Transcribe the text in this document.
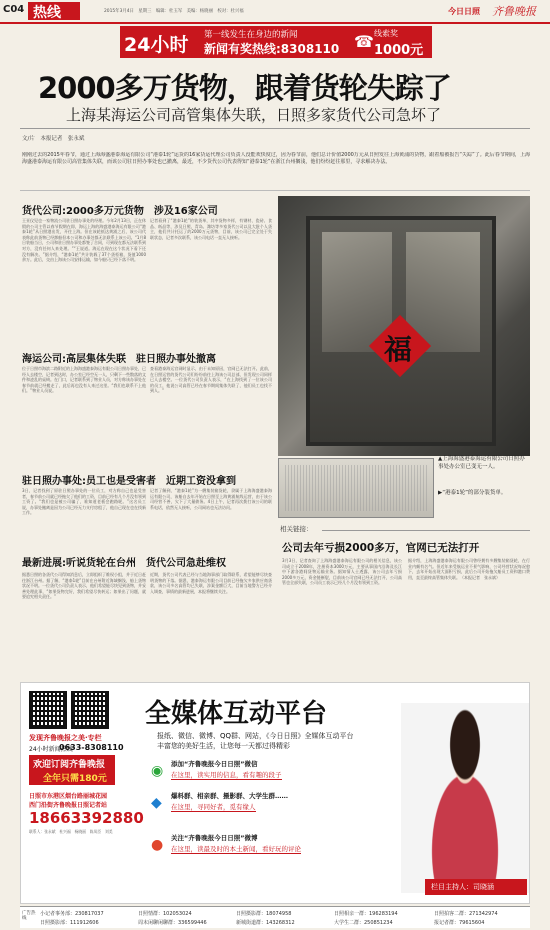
C04 热线	2015年3月4日　星期三　编辑：杜玉军　美编：杨晓丽　校对：杜兴福	今日日照 齐鲁晚报
24小时 第一线发生在身边的新闻
新闻有奖热线:8308110 ☎ 线索奖
1000元
2000多万货物，跟着货轮失踪了
上海某海运公司高管集体失联，日照多家货代公司急坏了
文/片　本报记者　张永斌

刚刚过去的2015年春节，通过上海海盛港泰海运有限公司“港泰1轮”运货的16家货运代理公司负责人没能欢快度过，因为春节前，他们总计价值2000万元从日照发往上海黄浦的货物，跟着船被报告“失踪”了。此后春节期间，上海海盛港泰海运有限公司高管集体失联，而该公司驻日照办事处也已撤离，最近，不少货代公司代表得知“港泰1轮”在浙江台州搁浅，他们纷纷赶往那里，寻求解决办法。

货代公司:2000多万元货物　涉及16家公司

王亚仪见也一家物流公司驻日照办事处的经理。今年2月13日，正在休假的公司主管以春节假期在即，海运上海的海盛港泰海运有限公司“港泰1轮”从日照港出发，开往上海。但在该轮抵达黄浦之后，该公司代表称此前货物已经卸船但本公司和办事处都无法联系上该公司。“1月8日装船当日，公司和驻日照办事处都签了合同，可到现在都无法联系到对方，没有任何人来处理。”“王说道。海运在现在这个状况下看下还没有解决。”据介绍，“港泰1轮”共计装载了37个货柜箱，货值1000余万。此后，交由上海该公司安排运输，如今船只已经下落不明。

记者看到了“港泰1轮”的装货单，其中货物多样，有钢材、瓷砖、食品、纸品等，涉及日照、青岛、潍坊等多家货代公司以及大批个人货主，他们共计托运了约2000万元货物，目前，该公司已完全处于失联状态，记者多次联系，该公司电话一直无人接听。

海运公司:高层集体失联　驻日照办事处撤离

位于日照市海滨二路附近的上海海盛港泰海运有限公司日照办事处，已经人去楼空，记者到达时，办公室已经空无一人，只剩下一些散落的文件和凌乱的桌椅。在门口，记者联系到了物业人员，对方称该办事处在春节前就已经搬走了，此后再也没有人来过这里。“我们也联系不上他们。”物业人员说。

查看港泰海运官网时显示，由于未知原因，官网已无法打开。此前，在日照运营的货代公司们纷纷前往上海该公司总部，但发现公司同样已人去楼空。一位货代公司负责人表示，“在上海找到了一位该公司的员工，他说公司高管已经在春节期间集体失联了，他们员工也找不到人。”

驻日照办事处:员工也是受害者　近期工资没拿到

3日，记者找到了原驻日照办事处的一位员工，对方称自己也是受害者，春节前公司就已经拖欠了他们的工资，目前已经有几个月没有领到工资了。“我们也是被公司骗了，谁知道老板会跑路呢。”这名员工说，办事处撤离是因为公司已经无力支付房租了，他自己现在也在找新工作。

记者了解到，“港泰1轮”为一艘集装箱货轮，隶属于上海海盛港泰海运有限公司，该船自去年开始在日照至上海黄浦航线运营，由于该公司经营不善，欠下了大量债务。4日上午，记者再次拨打该公司的联系电话，依然无人接听，公司网站也无法访问。

最新进展:听说货轮在台州　货代公司急赴维权

据悉日照的各货代公司得知消息后，立即组织了维权小组，并于近日赶往浙江台州。据了解，“港泰1轮”目前在台州附近海域搁浅，船上货物状况不明。一位货代公司负责人表示，他们希望能尽快见到货物，并妥善处理此事，“如果货物完好，我们希望尽快转运；如果出了问题，就要追究相关责任。”

近期，货代公司代表已经与当地海事部门取得联系，希望能够尽快查明货物的下落。据悉，港泰海运有限公司目前已经拖欠多家供应商货款，该公司多名高管均已失联，涉案金额巨大，目前当地警方已经介入调查，事情的最新进展，本报将继续关注。

福

▲上海海盛港泰海运有限公司日照办事处办公室已变无一人。

▶“港泰1轮”的部分装货单。

相关链接：
公司去年亏损2000多万，官网已无法打开

3月3日，记者查询了上海海盛港泰海运有限公司的相关信息，该公司成立于2008年，注册资本3000万元，主要从事国内沿海及长江中下游各港间货物运输业务。据知情人士透露，该公司去年亏损2000多万元，资金链断裂，目前该公司官网已经无法打开，公司高管也全部失联，公司员工表示已经几个月没有领到工资。

据介绍，上海海盛港泰海运有限公司曾经拥有多艘集装箱货轮，在行业内颇有名气。但近年来受航运业不景气影响，公司经营状况每况愈下，去年开始出现大面积亏损，此后公司开始拖欠船员工资和港口费用，直至最终高管集体失联。（本报记者　张永斌）

发现齐鲁晚报之美·专栏
24小时新闻热线
0633-8308110
欢迎订阅齐鲁晚报
全年只需180元
日照市东港区烟台路丽城花园
西门沿街齐鲁晚报日照记者站
18663392880
联系人：张永斌　杜兴福　杨晓丽　陈凤臣　刘美
全媒体互动平台
报纸、微信、微博、QQ群、网站，《今日日照》全媒体互动平台
丰富您的美好生活，让您每一天都过得精彩
添加“齐鲁晚报今日日照”微信
在这里，读实用的信息，看有趣的段子
爆料群、相亲群、摄影群、大学生群……
在这里，寻同好者，觅有缘人
关注“齐鲁晚报今日日照”微博
在这里，读最及时的本土新闻，看好玩的评论
◉
◆
●
栏目主持人：司晓涵
广告热线
小记者事务部：230817037
日照摄影部：111912606
日照情群：102053024
周末闲聊闲聊群：336599446
日照摄影群：18074958
新城街道群：143268312
日照相亲一群：196283194
大学生二群：250851234
日照拍客二群：271342974
报记者群：79615604
